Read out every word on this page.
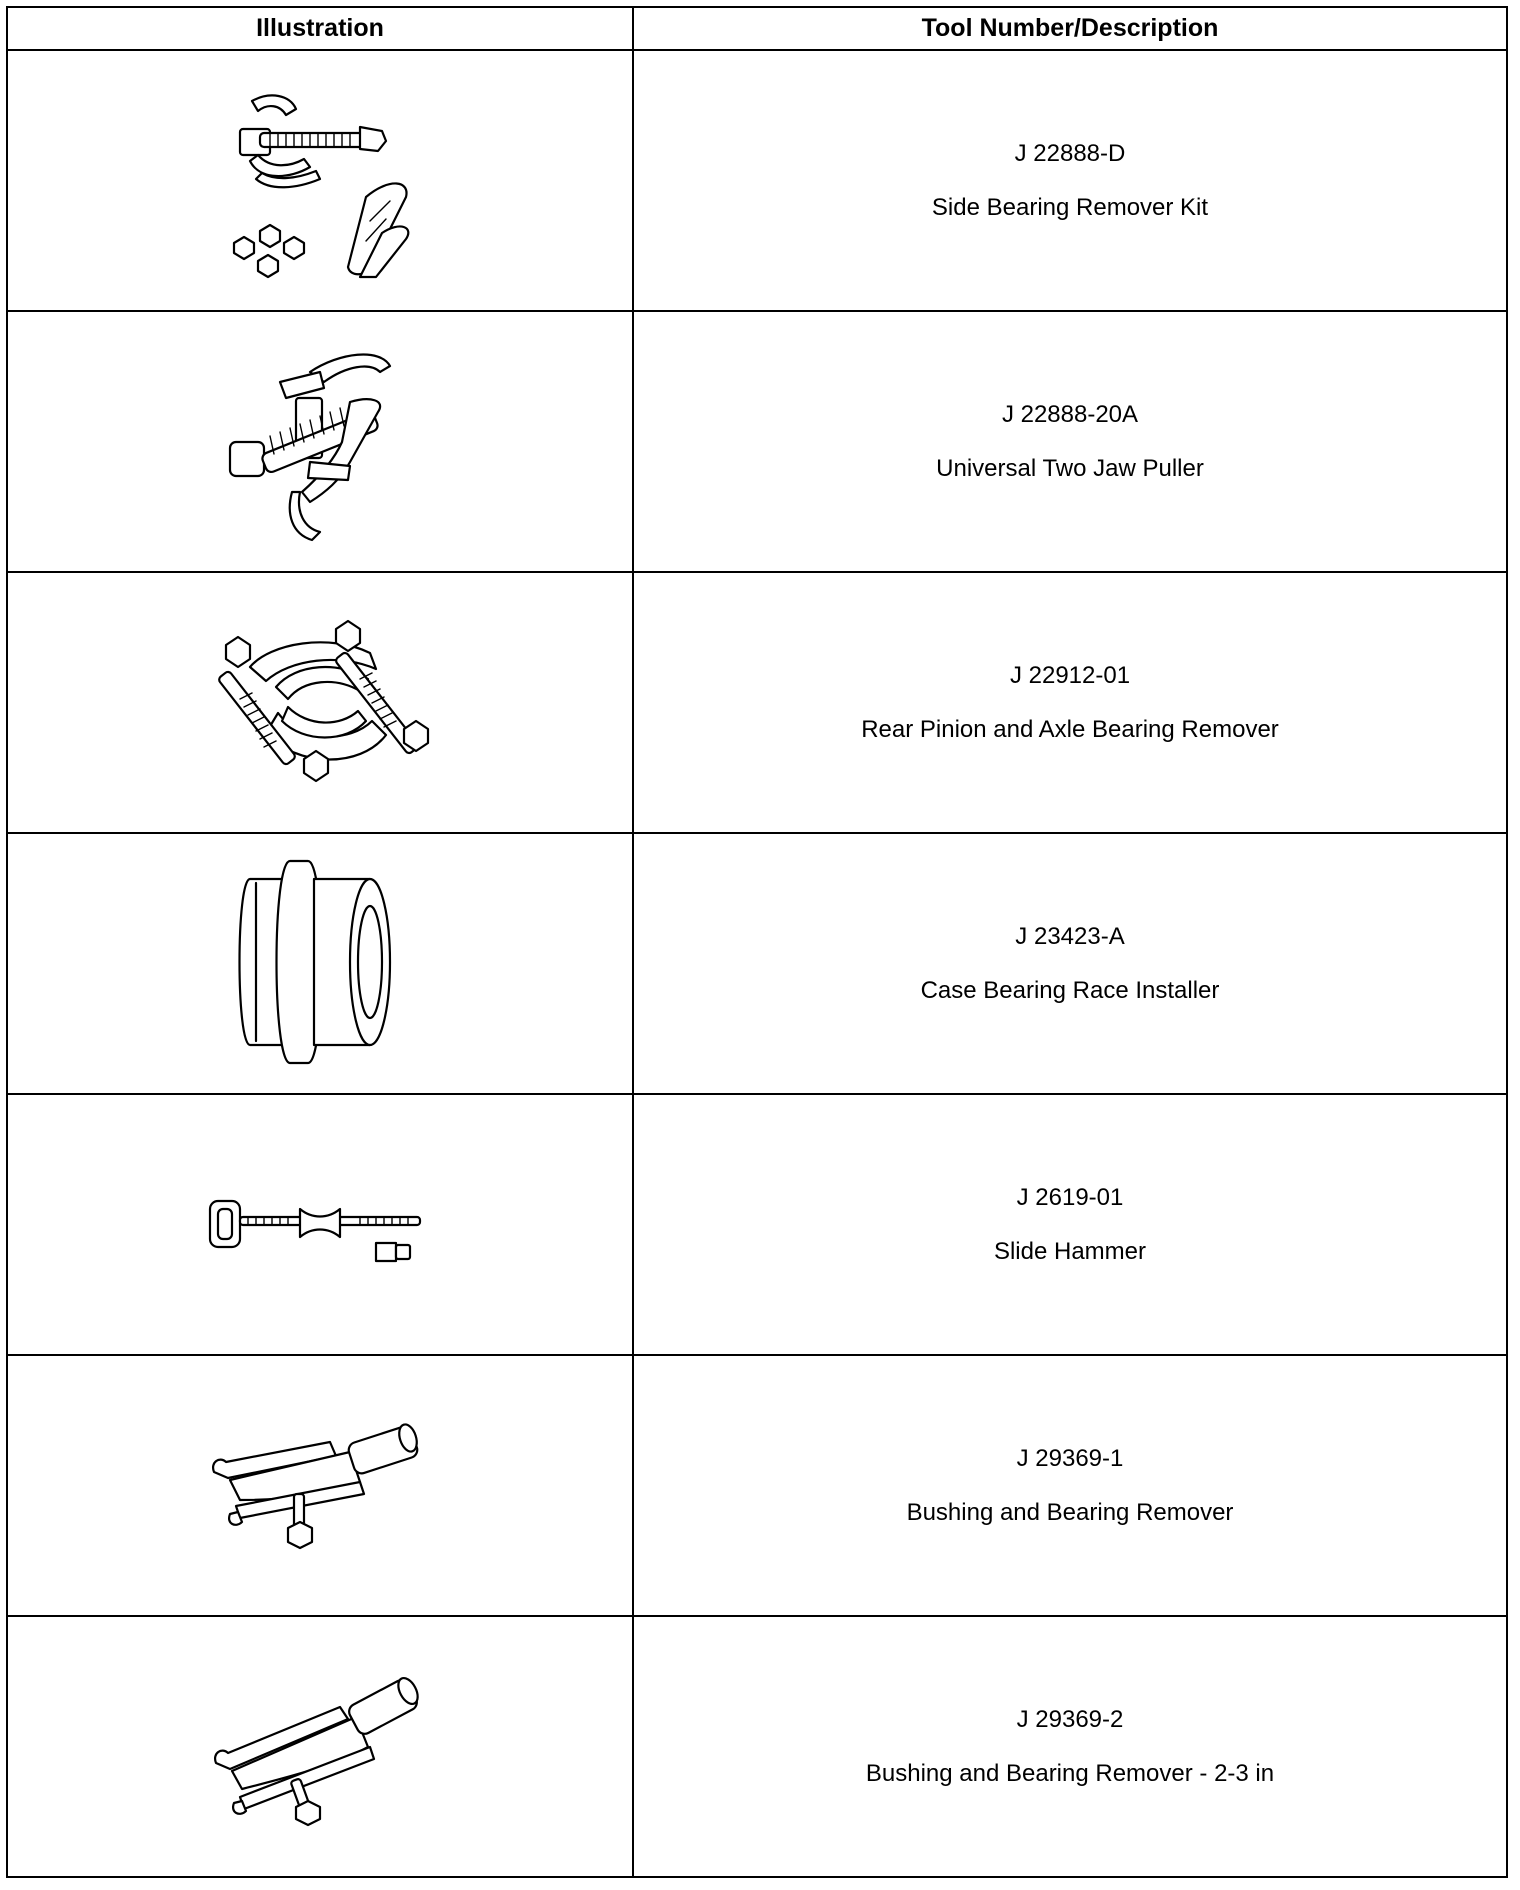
Illustration	Tool Number/Description

J 22888-D
Side Bearing Remover Kit

J 22888-20A
Universal Two Jaw Puller

J 22912-01
Rear Pinion and Axle Bearing Remover

J 23423-A
Case Bearing Race Installer

J 2619-01
Slide Hammer

J 29369-1
Bushing and Bearing Remover

J 29369-2
Bushing and Bearing Remover - 2-3 in
